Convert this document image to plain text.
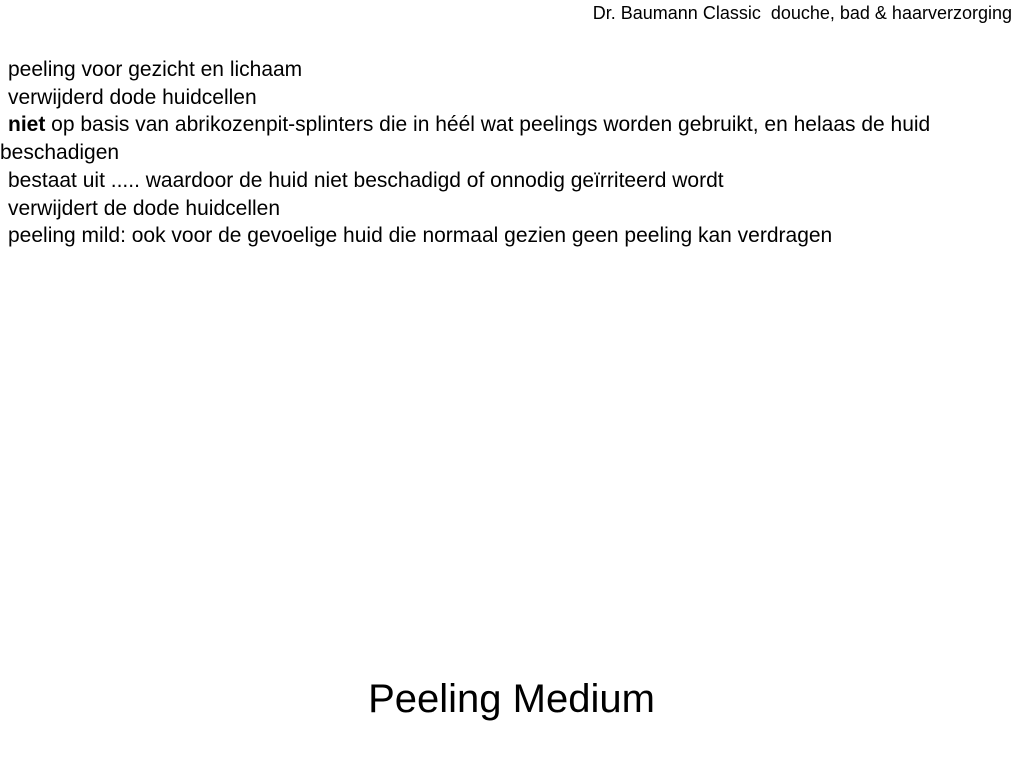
Dr. Baumann Classic  douche, bad & haarverzorging
peeling voor gezicht en lichaam
verwijderd dode huidcellen
niet op basis van abrikozenpit-splinters die in héél wat peelings worden gebruikt, en helaas de huid beschadigen
bestaat uit ..... waardoor de huid niet beschadigd of onnodig geïrriteerd wordt
verwijdert de dode huidcellen
peeling mild: ook voor de gevoelige huid die normaal gezien geen peeling kan verdragen
Peeling Medium
